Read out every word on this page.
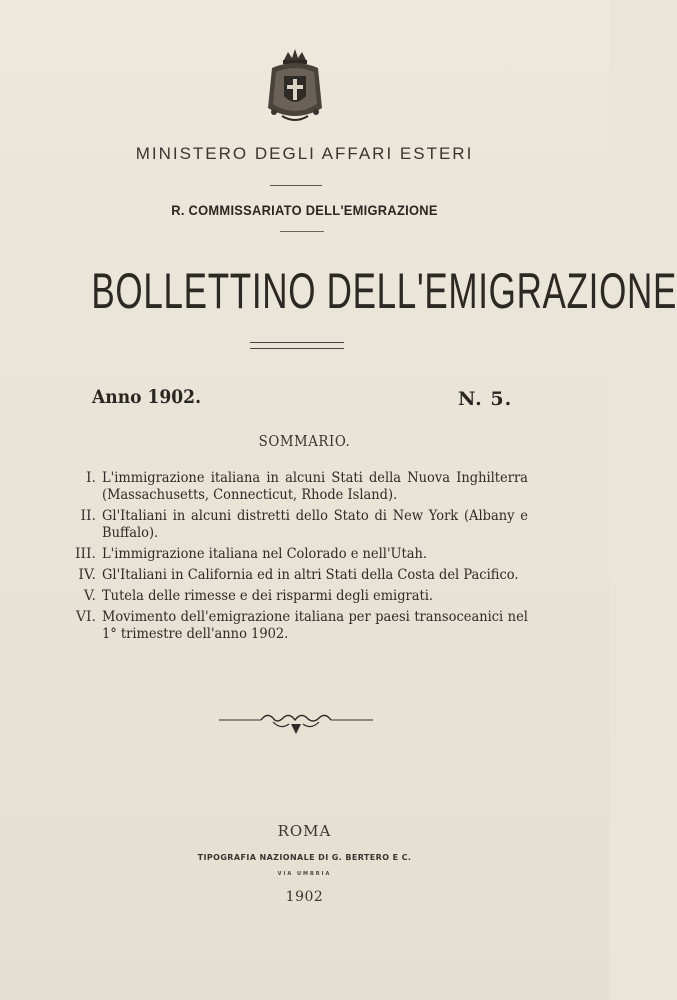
MINISTERO DEGLI AFFARI ESTERI
R. COMMISSARIATO DELL'EMIGRAZIONE
BOLLETTINO DELL'EMIGRAZIONE
Anno 1902.	N. 5.
SOMMARIO.
I. L'immigrazione italiana in alcuni Stati della Nuova Inghilterra (Massachusetts, Connecticut, Rhode Island).
II. Gl'Italiani in alcuni distretti dello Stato di New York (Albany e Buffalo).
III. L'immigrazione italiana nel Colorado e nell'Utah.
IV. Gl'Italiani in California ed in altri Stati della Costa del Pacifico.
V. Tutela delle rimesse e dei risparmi degli emigrati.
VI. Movimento dell'emigrazione italiana per paesi transoceanici nel 1° trimestre dell'anno 1902.
ROMA
TIPOGRAFIA NAZIONALE DI G. BERTERO E C.
VIA UMBRIA
1902
